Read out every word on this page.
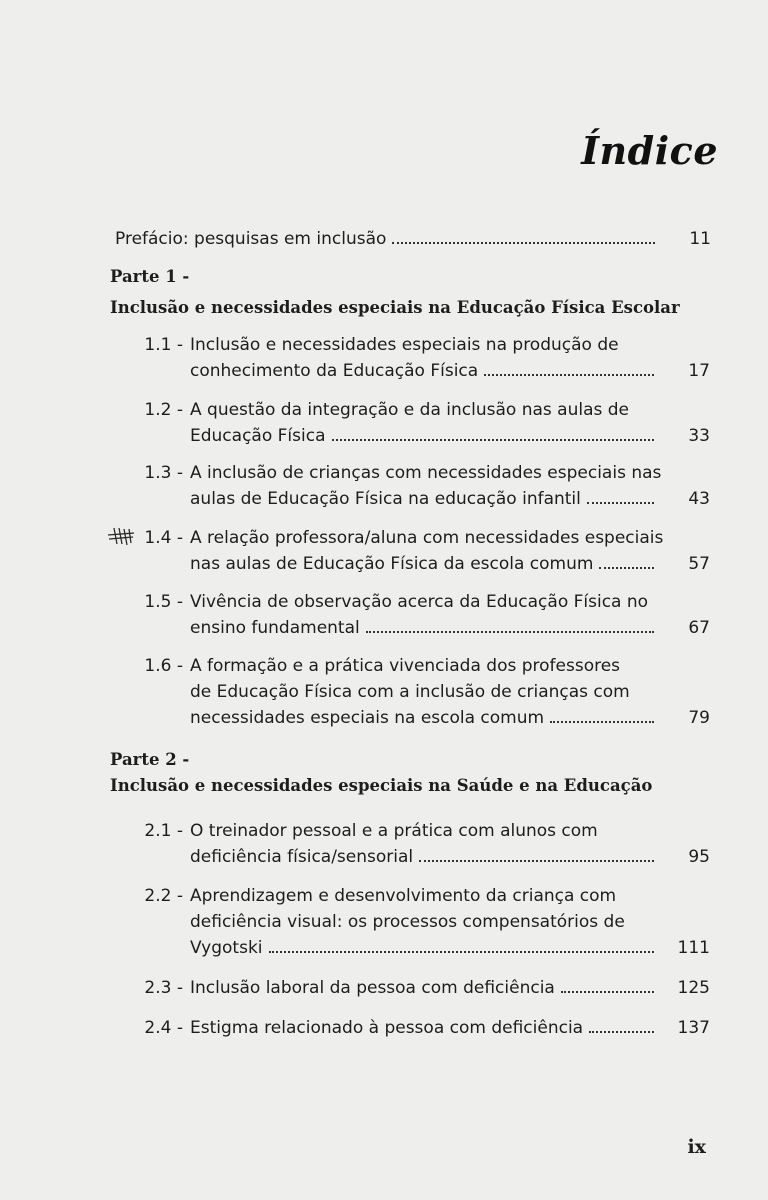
Índice
Prefácio: pesquisas em inclusão	11
Parte 1 -
Inclusão e necessidades especiais na Educação Física Escolar
1.1 - Inclusão e necessidades especiais na produção de
conhecimento da Educação Física	17
1.2 - A questão da integração e da inclusão nas aulas de
Educação Física	33
1.3 - A inclusão de crianças com necessidades especiais nas
aulas de Educação Física na educação infantil	43
1.4 - A relação professora/aluna com necessidades especiais
nas aulas de Educação Física da escola comum	57
1.5 - Vivência de observação acerca da Educação Física no
ensino fundamental	67
1.6 - A formação e a prática vivenciada dos professores
de Educação Física com a inclusão de crianças com
necessidades especiais na escola comum	79
Parte 2 -
Inclusão e necessidades especiais na Saúde e na Educação
2.1 - O treinador pessoal e a prática com alunos com
deficiência física/sensorial	95
2.2 - Aprendizagem e desenvolvimento da criança com
deficiência visual: os processos compensatórios de
Vygotski	111
2.3 - Inclusão laboral da pessoa com deficiência	125
2.4 - Estigma relacionado à pessoa com deficiência	137
ix
